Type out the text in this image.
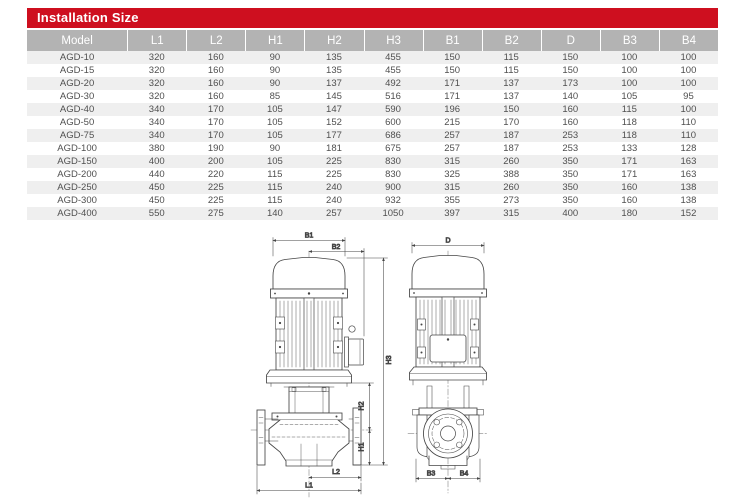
Installation Size
Model	L1	L2	H1	H2	H3	B1	B2	D	B3	B4
AGD-10	320	160	90	135	455	150	115	150	100	100
AGD-15	320	160	90	135	455	150	115	150	100	100
AGD-20	320	160	90	137	492	171	137	173	100	100
AGD-30	320	160	85	145	516	171	137	140	105	95
AGD-40	340	170	105	147	590	196	150	160	115	100
AGD-50	340	170	105	152	600	215	170	160	118	110
AGD-75	340	170	105	177	686	257	187	253	118	110
AGD-100	380	190	90	181	675	257	187	253	133	128
AGD-150	400	200	105	225	830	315	260	350	171	163
AGD-200	440	220	115	225	830	325	388	350	171	163
AGD-250	450	225	115	240	900	315	260	350	160	138
AGD-300	450	225	115	240	932	355	273	350	160	138
AGD-400	550	275	140	257	1050	397	315	400	180	152
B1
B2
H3
H2
H1
L2
L1
D
B3	B4
